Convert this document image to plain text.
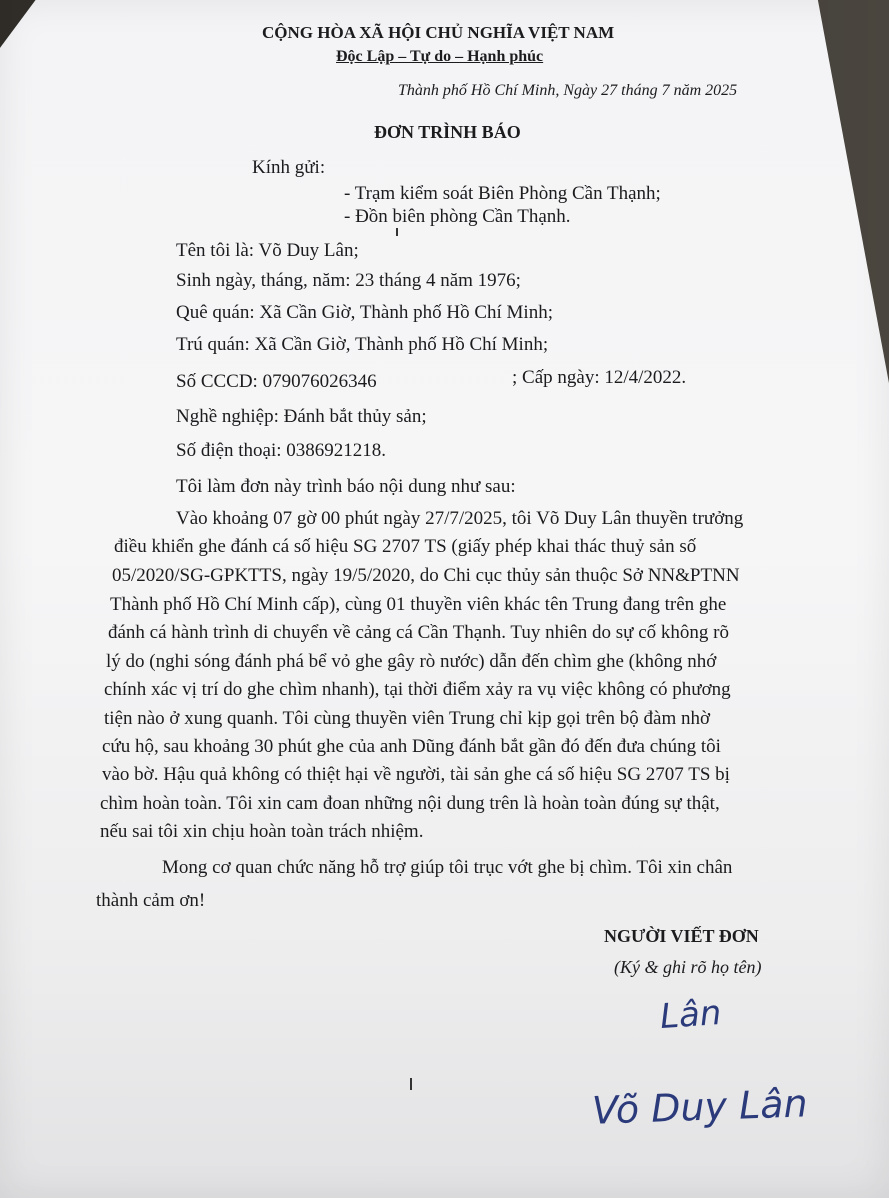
CỘNG HÒA XÃ HỘI CHỦ NGHĨA VIỆT NAM
Độc Lập – Tự do – Hạnh phúc
Thành phố Hồ Chí Minh, Ngày 27 tháng 7 năm 2025
ĐƠN TRÌNH BÁO
Kính gửi:
- Trạm kiểm soát Biên Phòng Cần Thạnh;
- Đồn biên phòng Cần Thạnh.
Tên tôi là: Võ Duy Lân;
Sinh ngày, tháng, năm: 23 tháng 4 năm 1976;
Quê quán: Xã Cần Giờ, Thành phố Hồ Chí Minh;
Trú quán: Xã Cần Giờ, Thành phố Hồ Chí Minh;
Số CCCD: 079076026346	; Cấp ngày: 12/4/2022.
Nghề nghiệp: Đánh bắt thủy sản;
Số điện thoại: 0386921218.
Tôi làm đơn này trình báo nội dung như sau:
Vào khoảng 07 gờ 00 phút ngày 27/7/2025, tôi Võ Duy Lân thuyền trưởng
điều khiển ghe đánh cá số hiệu SG 2707 TS (giấy phép khai thác thuỷ sản số
05/2020/SG-GPKTTS, ngày 19/5/2020, do Chi cục thủy sản thuộc Sở NN&PTNN
Thành phố Hồ Chí Minh cấp), cùng 01 thuyền viên khác tên Trung đang trên ghe
đánh cá hành trình di chuyển về cảng cá Cần Thạnh. Tuy nhiên do sự cố không rõ
lý do (nghi sóng đánh phá bể vỏ ghe gây rò nước) dẫn đến chìm ghe (không nhớ
chính xác vị trí do ghe chìm nhanh), tại thời điểm xảy ra vụ việc không có phương
tiện nào ở xung quanh. Tôi cùng thuyền viên Trung chỉ kịp gọi trên bộ đàm nhờ
cứu hộ, sau khoảng 30 phút ghe của anh Dũng đánh bắt gần đó đến đưa chúng tôi
vào bờ. Hậu quả không có thiệt hại về người, tài sản ghe cá số hiệu SG 2707 TS bị
chìm hoàn toàn. Tôi xin cam đoan những nội dung trên là hoàn toàn đúng sự thật,
nếu sai tôi xin chịu hoàn toàn trách nhiệm.
Mong cơ quan chức năng hỗ trợ giúp tôi trục vớt ghe bị chìm. Tôi xin chân
thành cảm ơn!
NGƯỜI VIẾT ĐƠN
(Ký & ghi rõ họ tên)
Lân
Võ Duy Lân
